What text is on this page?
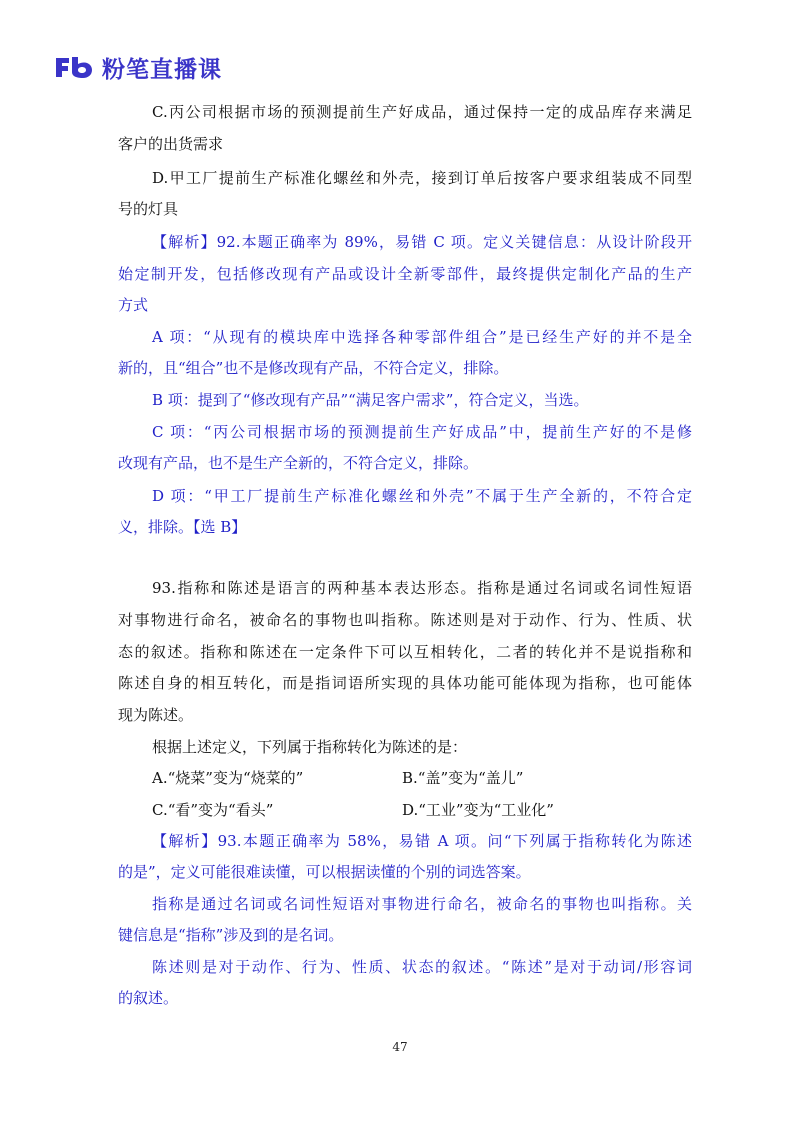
粉笔直播课
C.丙公司根据市场的预测提前生产好成品，通过保持一定的成品库存来满足
客户的出货需求
D.甲工厂提前生产标准化螺丝和外壳，接到订单后按客户要求组装成不同型
号的灯具
【解析】92.本题正确率为 89%，易错 C 项。定义关键信息：从设计阶段开
始定制开发，包括修改现有产品或设计全新零部件，最终提供定制化产品的生产
方式
A 项：“从现有的模块库中选择各种零部件组合”是已经生产好的并不是全
新的，且“组合”也不是修改现有产品，不符合定义，排除。
B 项：提到了“修改现有产品”“满足客户需求”，符合定义，当选。
C 项：“丙公司根据市场的预测提前生产好成品”中，提前生产好的不是修
改现有产品，也不是生产全新的，不符合定义，排除。
D 项：“甲工厂提前生产标准化螺丝和外壳”不属于生产全新的，不符合定
义，排除。【选 B】
93.指称和陈述是语言的两种基本表达形态。指称是通过名词或名词性短语
对事物进行命名，被命名的事物也叫指称。陈述则是对于动作、行为、性质、状
态的叙述。指称和陈述在一定条件下可以互相转化，二者的转化并不是说指称和
陈述自身的相互转化，而是指词语所实现的具体功能可能体现为指称，也可能体
现为陈述。
根据上述定义，下列属于指称转化为陈述的是：
A.“烧菜”变为“烧菜的”	B.“盖”变为“盖儿”
C.“看”变为“看头”	D.“工业”变为“工业化”
【解析】93.本题正确率为 58%，易错 A 项。问“下列属于指称转化为陈述
的是”，定义可能很难读懂，可以根据读懂的个别的词选答案。
指称是通过名词或名词性短语对事物进行命名，被命名的事物也叫指称。关
键信息是“指称”涉及到的是名词。
陈述则是对于动作、行为、性质、状态的叙述。“陈述”是对于动词/形容词
的叙述。
47
